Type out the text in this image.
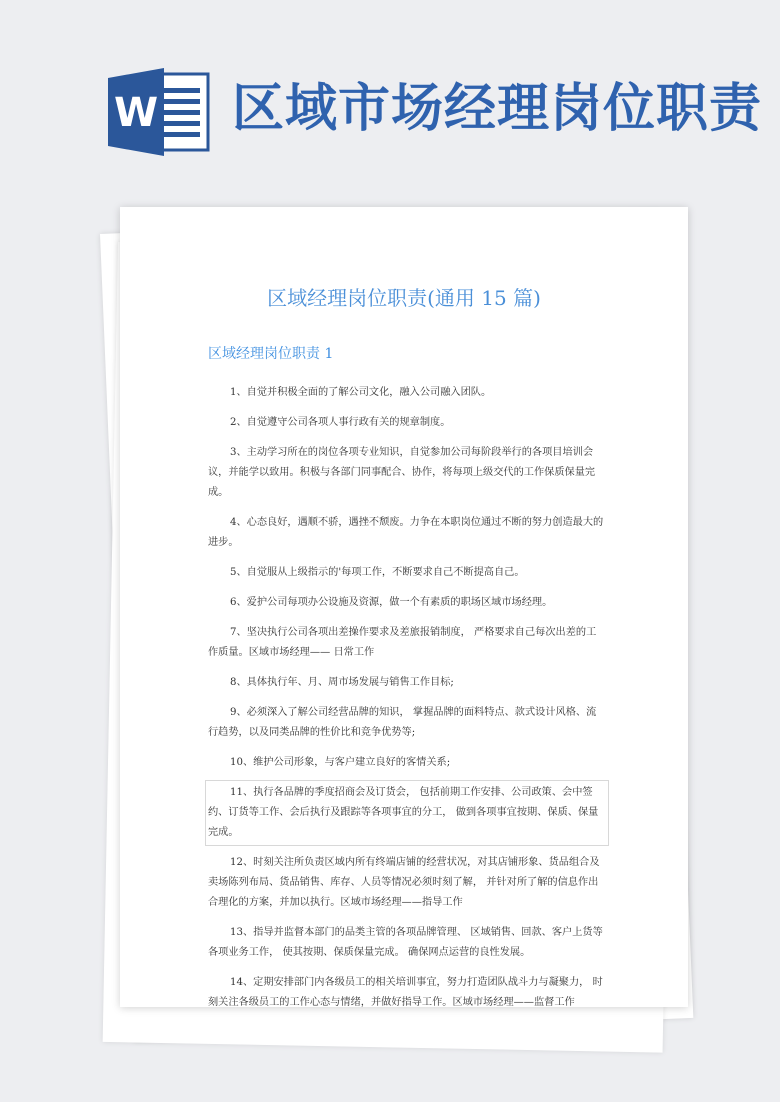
W 区域市场经理岗位职责
区域经理岗位职责(通用 15 篇)
区域经理岗位职责 1

1、自觉并积极全面的了解公司文化，融入公司融入团队。

2、自觉遵守公司各项人事行政有关的规章制度。

3、主动学习所在的岗位各项专业知识，自觉参加公司每阶段举行的各项目培训会议，并能学以致用。积极与各部门同事配合、协作，将每项上级交代的工作保质保量完成。

4、心态良好，遇顺不骄，遇挫不颓废。力争在本职岗位通过不断的努力创造最大的进步。

5、自觉服从上级指示的'每项工作，不断要求自己不断提高自己。

6、爱护公司每项办公设施及资源，做一个有素质的职场区域市场经理。

7、坚决执行公司各项出差操作要求及差旅报销制度， 严格要求自己每次出差的工作质量。区域市场经理—— 日常工作

8、具体执行年、月、周市场发展与销售工作目标;

9、必须深入了解公司经营品牌的知识， 掌握品牌的面料特点、款式设计风格、流行趋势，以及同类品牌的性价比和竞争优势等;

10、维护公司形象，与客户建立良好的客情关系;

11、执行各品牌的季度招商会及订货会， 包括前期工作安排、公司政策、会中签约、订货等工作、会后执行及跟踪等各项事宜的分工， 做到各项事宜按期、保质、保量完成。

12、时刻关注所负责区域内所有终端店铺的经营状况，对其店铺形象、货品组合及卖场陈列布局、货品销售、库存、人员等情况必须时刻了解， 并针对所了解的信息作出合理化的方案，并加以执行。区域市场经理——指导工作

13、指导并监督本部门的品类主管的各项品牌管理、 区域销售、回款、客户上货等各项业务工作， 使其按期、保质保量完成。 确保网点运营的良性发展。

14、定期安排部门内各级员工的相关培训事宜，努力打造团队战斗力与凝聚力， 时刻关注各级员工的工作心态与情绪，并做好指导工作。区域市场经理——监督工作
